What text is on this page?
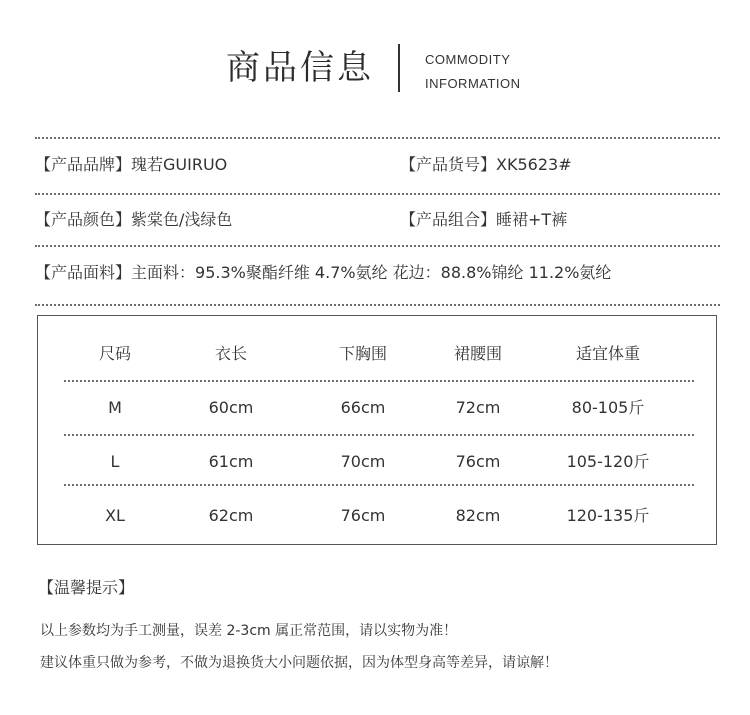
商品信息	COMMODITY
INFORMATION
【产品品牌】瑰若GUIRUO	【产品货号】XK5623#
【产品颜色】紫棠色/浅绿色	【产品组合】睡裙+T裤
【产品面料】主面料：95.3%聚酯纤维 4.7%氨纶 花边：88.8%锦纶 11.2%氨纶
尺码	衣长	下胸围	裙腰围	适宜体重
M	60cm	66cm	72cm	80-105斤
L	61cm	70cm	76cm	105-120斤
XL	62cm	76cm	82cm	120-135斤
【温馨提示】
以上参数均为手工测量，误差 2-3cm 属正常范围，请以实物为准！
建议体重只做为参考，不做为退换货大小问题依据，因为体型身高等差异，请谅解！
